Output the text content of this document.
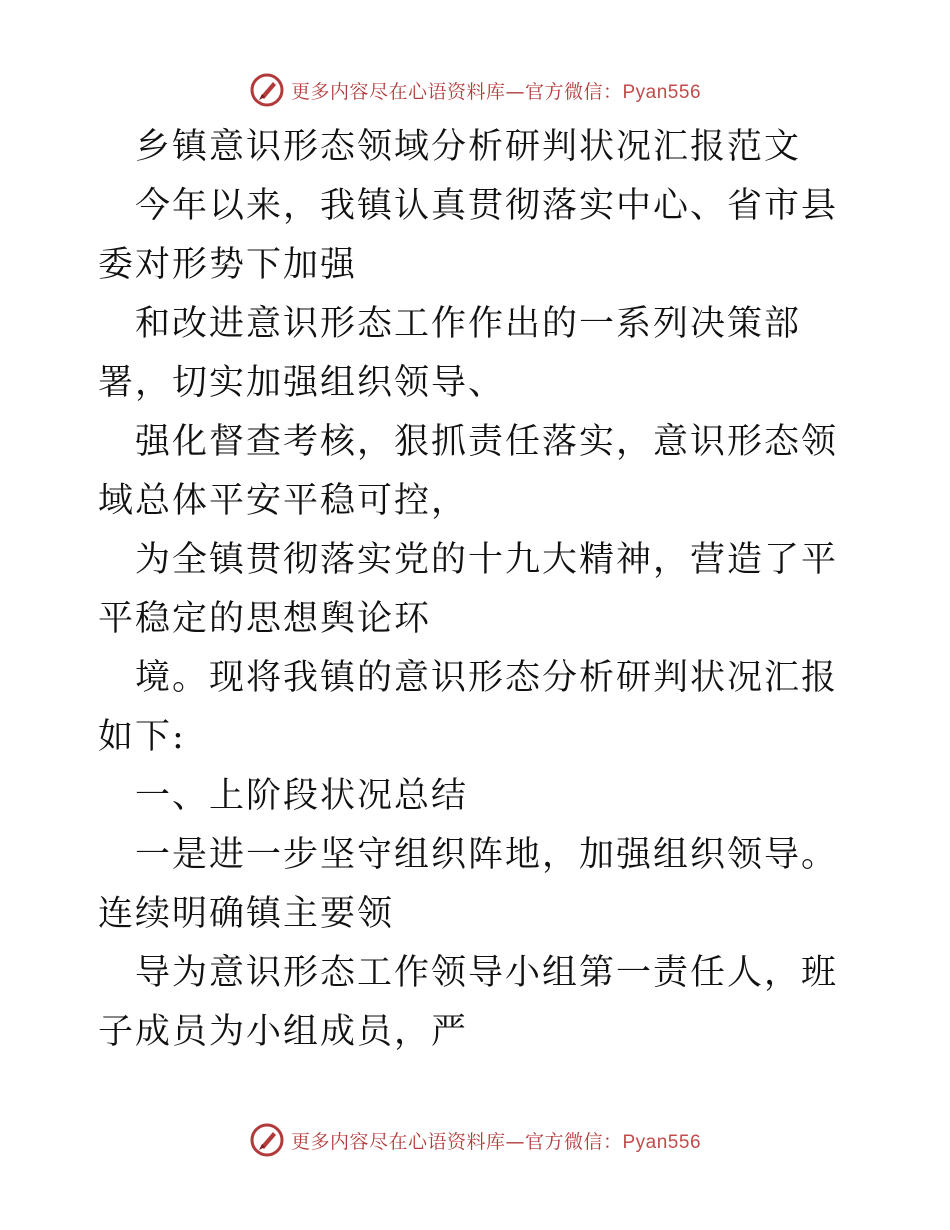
更多内容尽在心语资料库—官方微信：Pyan556

乡镇意识形态领域分析研判状况汇报范文

今年以来，我镇认真贯彻落实中心、省市县委对形势下加强

和改进意识形态工作作出的一系列决策部署，切实加强组织领导、

强化督查考核，狠抓责任落实，意识形态领域总体平安平稳可控，

为全镇贯彻落实党的十九大精神，营造了平平稳定的思想舆论环

境。现将我镇的意识形态分析研判状况汇报如下:

一、上阶段状况总结

一是进一步坚守组织阵地，加强组织领导。连续明确镇主要领

导为意识形态工作领导小组第一责任人，班子成员为小组成员，严

更多内容尽在心语资料库—官方微信：Pyan556
